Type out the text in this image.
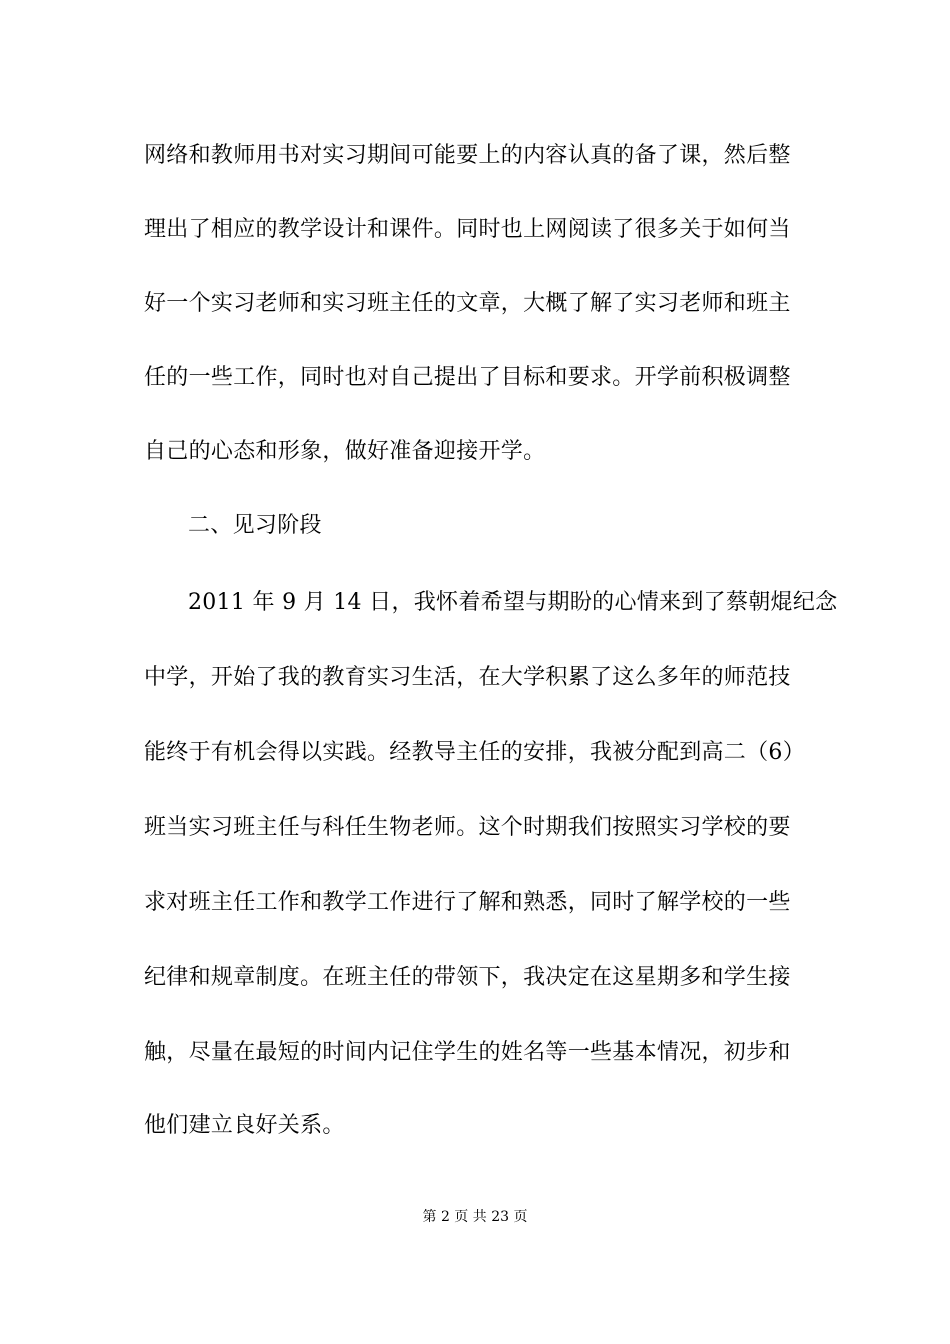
网络和教师用书对实习期间可能要上的内容认真的备了课，然后整
理出了相应的教学设计和课件。同时也上网阅读了很多关于如何当
好一个实习老师和实习班主任的文章，大概了解了实习老师和班主
任的一些工作，同时也对自己提出了目标和要求。开学前积极调整
自己的心态和形象，做好准备迎接开学。
二、见习阶段
2011 年 9 月 14 日，我怀着希望与期盼的心情来到了蔡朝焜纪念
中学，开始了我的教育实习生活，在大学积累了这么多年的师范技
能终于有机会得以实践。经教导主任的安排，我被分配到高二（6）
班当实习班主任与科任生物老师。这个时期我们按照实习学校的要
求对班主任工作和教学工作进行了解和熟悉，同时了解学校的一些
纪律和规章制度。在班主任的带领下，我决定在这星期多和学生接
触，尽量在最短的时间内记住学生的姓名等一些基本情况，初步和
他们建立良好关系。
第 2 页 共 23 页
